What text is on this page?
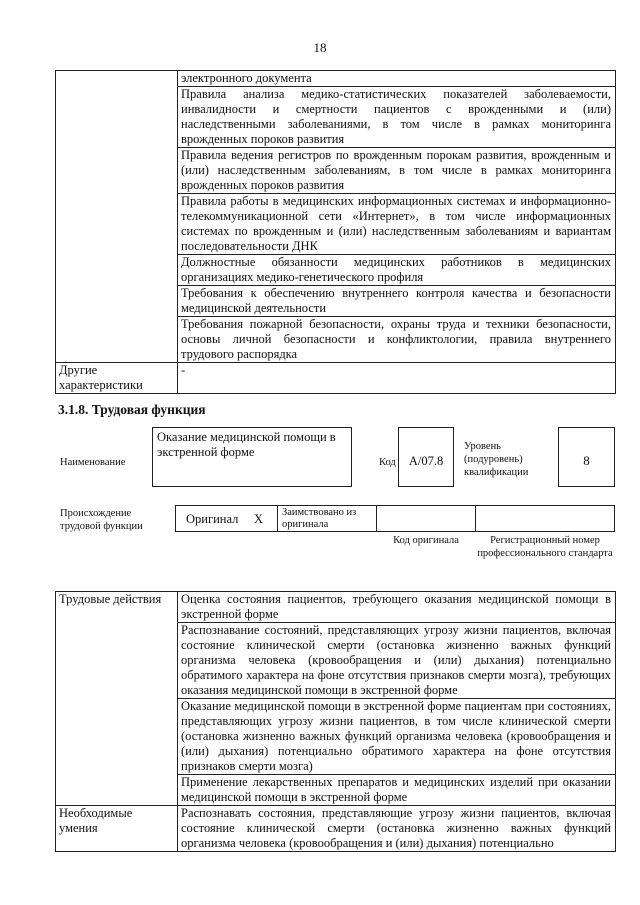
18
	электронного документа
	Правила анализа медико-статистических показателей заболеваемости, инвалидности и смертности пациентов с врожденными и (или) наследственными заболеваниями, в том числе в рамках мониторинга врожденных пороков развития
	Правила ведения регистров по врожденным порокам развития, врожденным и (или) наследственным заболеваниям, в том числе в рамках мониторинга врожденных пороков развития
	Правила работы в медицинских информационных системах и информационно-телекоммуникационной сети «Интернет», в том числе информационных системах по врожденным и (или) наследственным заболеваниям и вариантам последовательности ДНК
	Должностные обязанности медицинских работников в медицинских организациях медико-генетического профиля
	Требования к обеспечению внутреннего контроля качества и безопасности медицинской деятельности
	Требования пожарной безопасности, охраны труда и техники безопасности, основы личной безопасности и конфликтологии, правила внутреннего трудового распорядка
Другие характеристики	-
3.1.8. Трудовая функция
Наименование
Оказание медицинской помощи в экстренной форме
Код	A/07.8
Уровень (подуровень) квалификации
8
Происхождение трудовой функции
Оригинал X	Заимствовано из оригинала
Код оригинала	Регистрационный номер профессионального стандарта
Трудовые действия	Оценка состояния пациентов, требующего оказания медицинской помощи в экстренной форме
	Распознавание состояний, представляющих угрозу жизни пациентов, включая состояние клинической смерти (остановка жизненно важных функций организма человека (кровообращения и (или) дыхания) потенциально обратимого характера на фоне отсутствия признаков смерти мозга), требующих оказания медицинской помощи в экстренной форме
	Оказание медицинской помощи в экстренной форме пациентам при состояниях, представляющих угрозу жизни пациентов, в том числе клинической смерти (остановка жизненно важных функций организма человека (кровообращения и (или) дыхания) потенциально обратимого характера на фоне отсутствия признаков смерти мозга)
	Применение лекарственных препаратов и медицинских изделий при оказании медицинской помощи в экстренной форме
Необходимые умения	Распознавать состояния, представляющие угрозу жизни пациентов, включая состояние клинической смерти (остановка жизненно важных функций организма человека (кровообращения и (или) дыхания) потенциально
